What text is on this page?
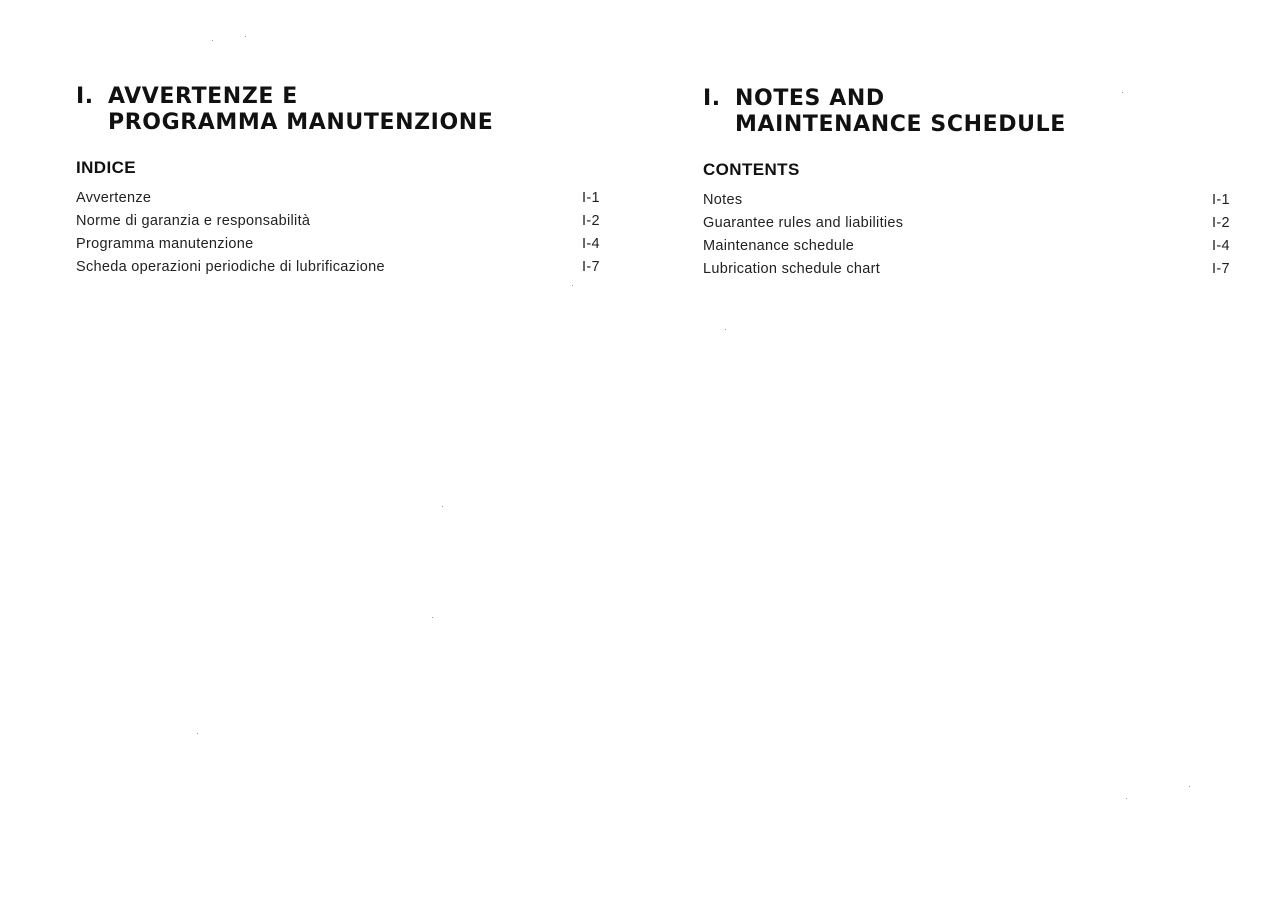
I. AVVERTENZE E
PROGRAMMA MANUTENZIONE
INDICE
Avvertenze	I-1
Norme di garanzia e responsabilità	I-2
Programma manutenzione	I-4
Scheda operazioni periodiche di lubrificazione	I-7
I. NOTES AND
MAINTENANCE SCHEDULE
CONTENTS
Notes	I-1
Guarantee rules and liabilities	I-2
Maintenance schedule	I-4
Lubrication schedule chart	I-7
